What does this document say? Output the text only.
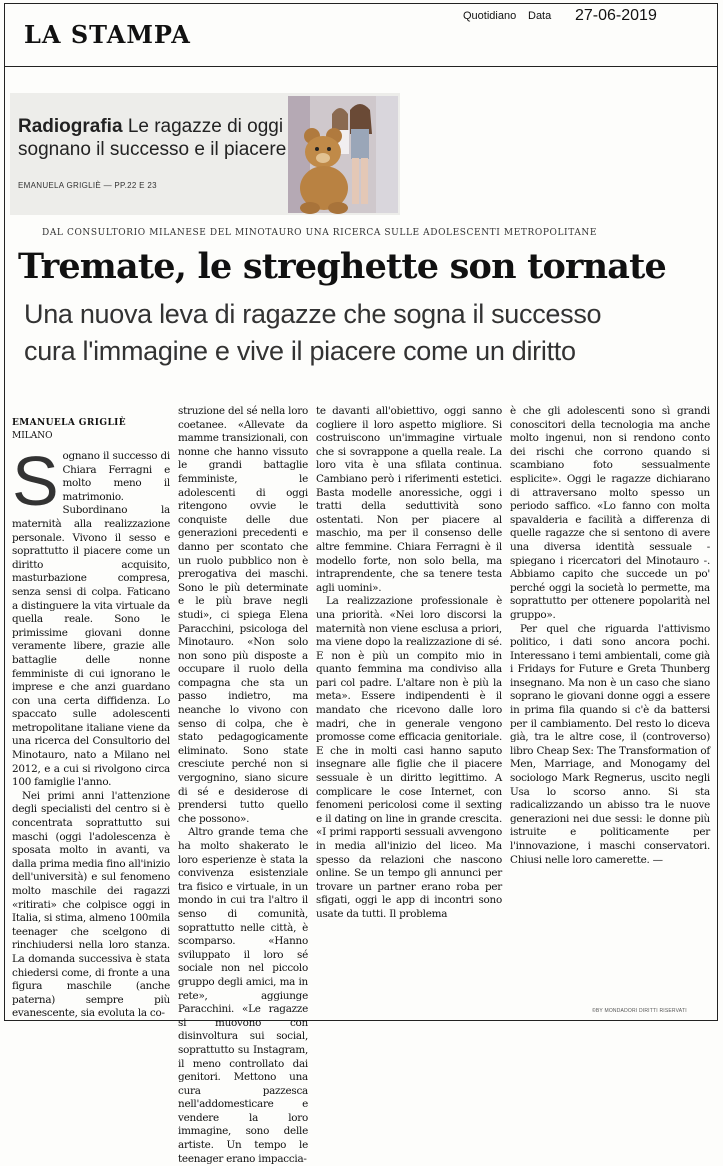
LA STAMPA
Quotidiano Data 27-06-2019
Radiografia Le ragazze di oggi sognano il successo e il piacere
EMANUELA GRIGLIÈ — PP.22 E 23
DAL CONSULTORIO MILANESE DEL MINOTAURO UNA RICERCA SULLE ADOLESCENTI METROPOLITANE
Tremate, le streghette son tornate
Una nuova leva di ragazze che sogna il successo
cura l'immagine e vive il piacere come un diritto
EMANUELA GRIGLIÈ
MILANO
S ognano il successo di Chiara Ferragni e molto meno il matrimonio. Subordinano la maternità alla realizzazione personale. Vivono il sesso e soprattutto il piacere come un diritto acquisito, masturbazione compresa, senza sensi di colpa. Faticano a distinguere la vita virtuale da quella reale. Sono le primissime giovani donne veramente libere, grazie alle battaglie delle nonne femministe di cui ignorano le imprese e che anzi guardano con una certa diffidenza. Lo spaccato sulle adolescenti metropolitane italiane viene da una ricerca del Consultorio del Minotauro, nato a Milano nel 2012, e a cui si rivolgono circa 100 famiglie l'anno.

Nei primi anni l'attenzione degli specialisti del centro si è concentrata soprattutto sui maschi (oggi l'adolescenza è sposata molto in avanti, va dalla prima media fino all'inizio dell'università) e sul fenomeno molto maschile dei ragazzi «ritirati» che colpisce oggi in Italia, si stima, almeno 100mila teenager che scelgono di rinchiudersi nella loro stanza. La domanda successiva è stata chiedersi come, di fronte a una figura maschile (anche paterna) sempre più evanescente, sia evoluta la co-

struzione del sé nella loro coetanee. «Allevate da mamme transizionali, con nonne che hanno vissuto le grandi battaglie femministe, le adolescenti di oggi ritengono ovvie le conquiste delle due generazioni precedenti e danno per scontato che un ruolo pubblico non è prerogativa dei maschi. Sono le più determinate e le più brave negli studi», ci spiega Elena Paracchini, psicologa del Minotauro. «Non solo non sono più disposte a occupare il ruolo della compagna che sta un passo indietro, ma neanche lo vivono con senso di colpa, che è stato pedagogicamente eliminato. Sono state cresciute perché non si vergognino, siano sicure di sé e desiderose di prendersi tutto quello che possono».

Altro grande tema che ha molto shakerato le loro esperienze è stata la convivenza esistenziale tra fisico e virtuale, in un mondo in cui tra l'altro il senso di comunità, soprattutto nelle città, è scomparso. «Hanno sviluppato il loro sé sociale non nel piccolo gruppo degli amici, ma in rete», aggiunge Paracchini. «Le ragazze si muovono con disinvoltura sui social, soprattutto su Instagram, il meno controllato dai genitori. Mettono una cura pazzesca nell'addomesticare e vendere la loro immagine, sono delle artiste. Un tempo le teenager erano impaccia-

te davanti all'obiettivo, oggi sanno cogliere il loro aspetto migliore. Si costruiscono un'immagine virtuale che si sovrappone a quella reale. La loro vita è una sfilata continua. Cambiano però i riferimenti estetici. Basta modelle anoressiche, oggi i tratti della seduttività sono ostentati. Non per piacere al maschio, ma per il consenso delle altre femmine. Chiara Ferragni è il modello forte, non solo bella, ma intraprendente, che sa tenere testa agli uomini».

La realizzazione professionale è una priorità. «Nei loro discorsi la maternità non viene esclusa a priori, ma viene dopo la realizzazione di sé. E non è più un compito mio in quanto femmina ma condiviso alla pari col padre. L'altare non è più la meta». Essere indipendenti è il mandato che ricevono dalle loro madri, che in generale vengono promosse come efficacia genitoriale. E che in molti casi hanno saputo insegnare alle figlie che il piacere sessuale è un diritto legittimo. A complicare le cose Internet, con fenomeni pericolosi come il sexting e il dating on line in grande crescita. «I primi rapporti sessuali avvengono in media all'inizio del liceo. Ma spesso da relazioni che nascono online. Se un tempo gli annunci per trovare un partner erano roba per sfigati, oggi le app di incontri sono usate da tutti. Il problema

è che gli adolescenti sono sì grandi conoscitori della tecnologia ma anche molto ingenui, non si rendono conto dei rischi che corrono quando si scambiano foto sessualmente esplicite». Oggi le ragazze dichiarano di attraversano molto spesso un periodo saffico. «Lo fanno con molta spavalderia e facilità a differenza di quelle ragazze che si sentono di avere una diversa identità sessuale - spiegano i ricercatori del Minotauro -. Abbiamo capito che succede un po' perché oggi la società lo permette, ma soprattutto per ottenere popolarità nel gruppo».

Per quel che riguarda l'attivismo politico, i dati sono ancora pochi. Interessano i temi ambientali, come già i Fridays for Future e Greta Thunberg insegnano. Ma non è un caso che siano soprano le giovani donne oggi a essere in prima fila quando si c'è da battersi per il cambiamento. Del resto lo diceva già, tra le altre cose, il (controverso) libro Cheap Sex: The Transformation of Men, Marriage, and Monogamy del sociologo Mark Regnerus, uscito negli Usa lo scorso anno. Si sta radicalizzando un abisso tra le nuove generazioni nei due sessi: le donne più istruite e politicamente per l'innovazione, i maschi conservatori. Chiusi nelle loro camerette. —

©BY MONDADORI DIRITTI RISERVATI
